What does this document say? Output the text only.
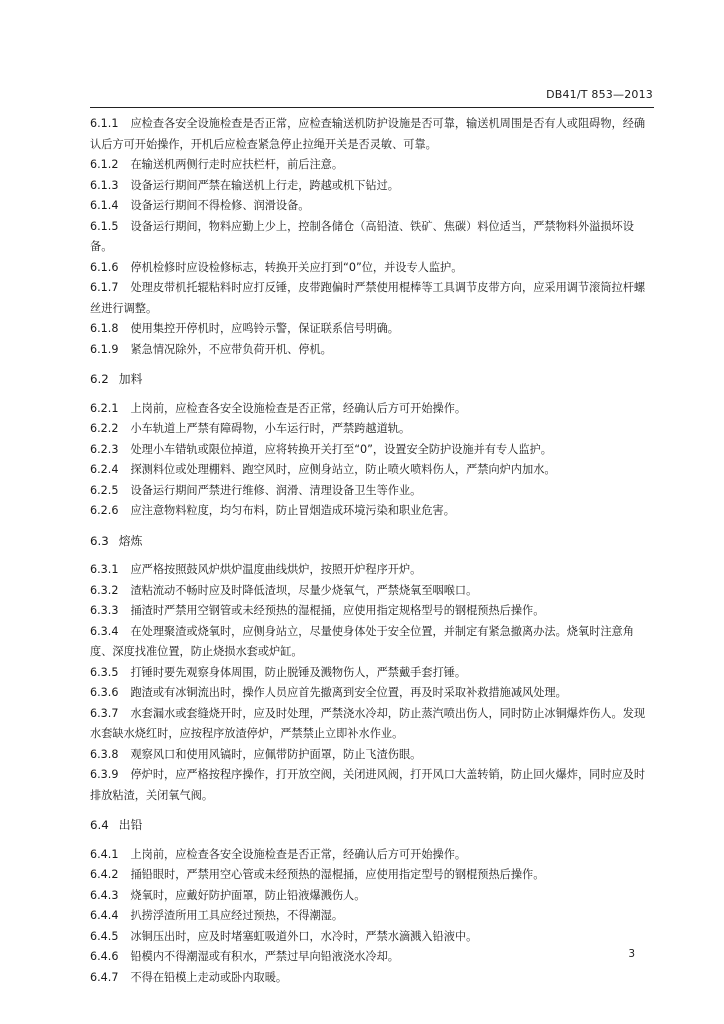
DB41/T 853—2013

6.1.1 应检查各安全设施检查是否正常，应检查输送机防护设施是否可靠，输送机周围是否有人或阻碍物，经确认后方可开始操作，开机后应检查紧急停止拉绳开关是否灵敏、可靠。

6.1.2 在输送机两侧行走时应扶栏杆，前后注意。

6.1.3 设备运行期间严禁在输送机上行走，跨越或机下钻过。

6.1.4 设备运行期间不得检修、润滑设备。

6.1.5 设备运行期间，物料应勤上少上，控制各储仓（高铅渣、铁矿、焦碳）料位适当，严禁物料外溢损坏设备。

6.1.6 停机检修时应设检修标志，转换开关应打到“0”位，并设专人监护。

6.1.7 处理皮带机托辊粘料时应打反锤，皮带跑偏时严禁使用棍棒等工具调节皮带方向，应采用调节滚筒拉杆螺丝进行调整。

6.1.8 使用集控开停机时，应鸣铃示警，保证联系信号明确。

6.1.9 紧急情况除外，不应带负荷开机、停机。

6.2 加料

6.2.1 上岗前，应检查各安全设施检查是否正常，经确认后方可开始操作。

6.2.2 小车轨道上严禁有障碍物，小车运行时，严禁跨越道轨。

6.2.3 处理小车错轨或限位掉道，应将转换开关打至“0”，设置安全防护设施并有专人监护。

6.2.4 探测料位或处理棚料、跑空风时，应侧身站立，防止喷火喷料伤人，严禁向炉内加水。

6.2.5 设备运行期间严禁进行维修、润滑、清理设备卫生等作业。

6.2.6 应注意物料粒度，均匀布料，防止冒烟造成环境污染和职业危害。

6.3 熔炼

6.3.1 应严格按照鼓风炉烘炉温度曲线烘炉，按照开炉程序开炉。

6.3.2 渣粘流动不畅时应及时降低渣坝，尽量少烧氧气，严禁烧氧至咽喉口。

6.3.3 捅渣时严禁用空钢管或未经预热的湿棍捅，应使用指定规格型号的钢棍预热后操作。

6.3.4 在处理聚渣或烧氧时，应侧身站立，尽量使身体处于安全位置，并制定有紧急撤离办法。烧氧时注意角度、深度找准位置，防止烧损水套或炉缸。

6.3.5 打锤时要先观察身体周围，防止脱锤及溅物伤人，严禁戴手套打锤。

6.3.6 跑渣或有冰铜流出时，操作人员应首先撤离到安全位置，再及时采取补救措施减风处理。

6.3.7 水套漏水或套缝烧开时，应及时处理，严禁浇水冷却，防止蒸汽喷出伤人，同时防止冰铜爆炸伤人。发现水套缺水烧红时，应按程序放渣停炉，严禁禁止立即补水作业。

6.3.8 观察风口和使用风镐时，应佩带防护面罩，防止飞渣伤眼。

6.3.9 停炉时，应严格按程序操作，打开放空阀，关闭进风阀，打开风口大盖转销，防止回火爆炸，同时应及时排放粘渣，关闭氧气阀。

6.4 出铅

6.4.1 上岗前，应检查各安全设施检查是否正常，经确认后方可开始操作。

6.4.2 捅铅眼时，严禁用空心管或未经预热的湿棍捅，应使用指定型号的钢棍预热后操作。

6.4.3 烧氧时，应戴好防护面罩，防止铅液爆溅伤人。

6.4.4 扒捞浮渣所用工具应经过预热，不得潮湿。

6.4.5 冰铜压出时，应及时堵塞虹吸道外口，水冷时，严禁水滴溅入铅液中。

6.4.6 铅模内不得潮湿或有积水，严禁过早向铅液浇水冷却。

6.4.7 不得在铅模上走动或卧内取暖。

3
